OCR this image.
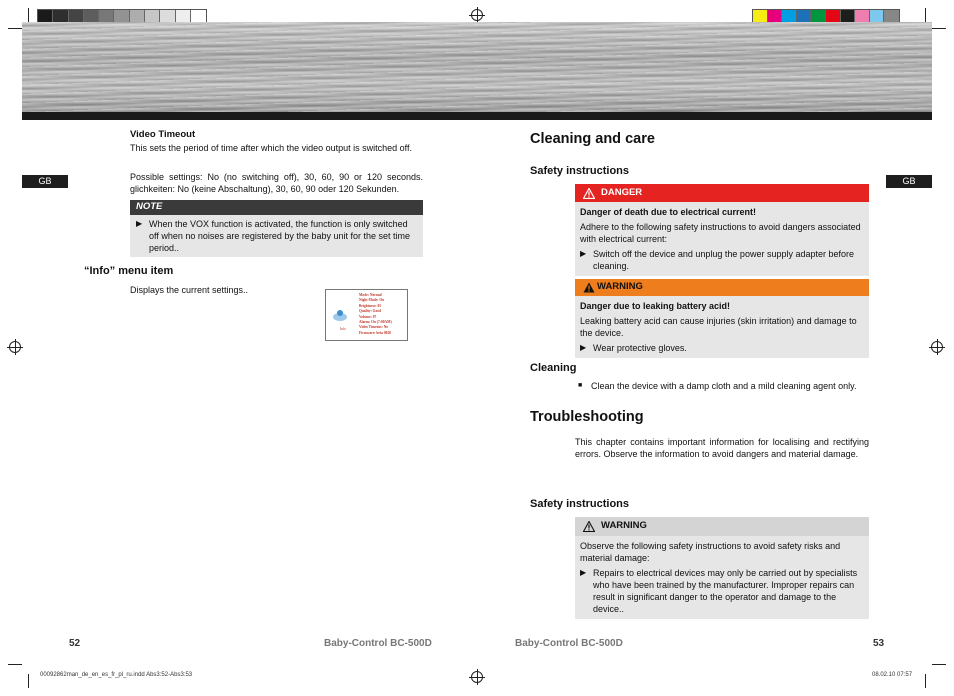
GB	GB
Video Timeout

This sets the period of time after which the video output is switched off.

Possible settings: No (no switching off), 30, 60, 90 or 120 seconds. glichkeiten: No (keine Abschaltung), 30, 60, 90 oder 120 Sekunden.

NOTE
▶ When the VOX function is activated, the function is only switched off when no noises are registered by the baby unit for the set time period..
“Info” menu item
Displays the current settings..
Info
Mode: Normal
Night Mode: On
Brightness: 05
Quality: Good
Volume: 07
Alarm: On (7:00AM)
Video Timeout: No
Firmware: beta 0020
52	Baby-Control BC-500D
Cleaning and care
Safety instructions
DANGER

Danger of death due to electrical current!

Adhere to the following safety instructions to avoid dangers associated with electrical current:

▶ Switch off the device and unplug the power supply adapter before cleaning.
WARNING

Danger due to leaking battery acid!

Leaking battery acid can cause injuries (skin irritation) and damage to the device.

▶ Wear protective gloves.
Cleaning
■ Clean the device with a damp cloth and a mild cleaning agent only.
Troubleshooting

This chapter contains important information for localising and rectifying errors. Observe the information to avoid dangers and material damage.

Safety instructions
WARNING

Observe the following safety instructions to avoid safety risks and material damage:

▶ Repairs to electrical devices may only be carried out by specialists who have been trained by the manufacturer. Improper repairs can result in significant danger to the operator and damage to the device..
Baby-Control BC-500D	53
00092862man_de_en_es_fr_pl_ru.indd Abs3:52-Abs3:53	08.02.10 07:57
